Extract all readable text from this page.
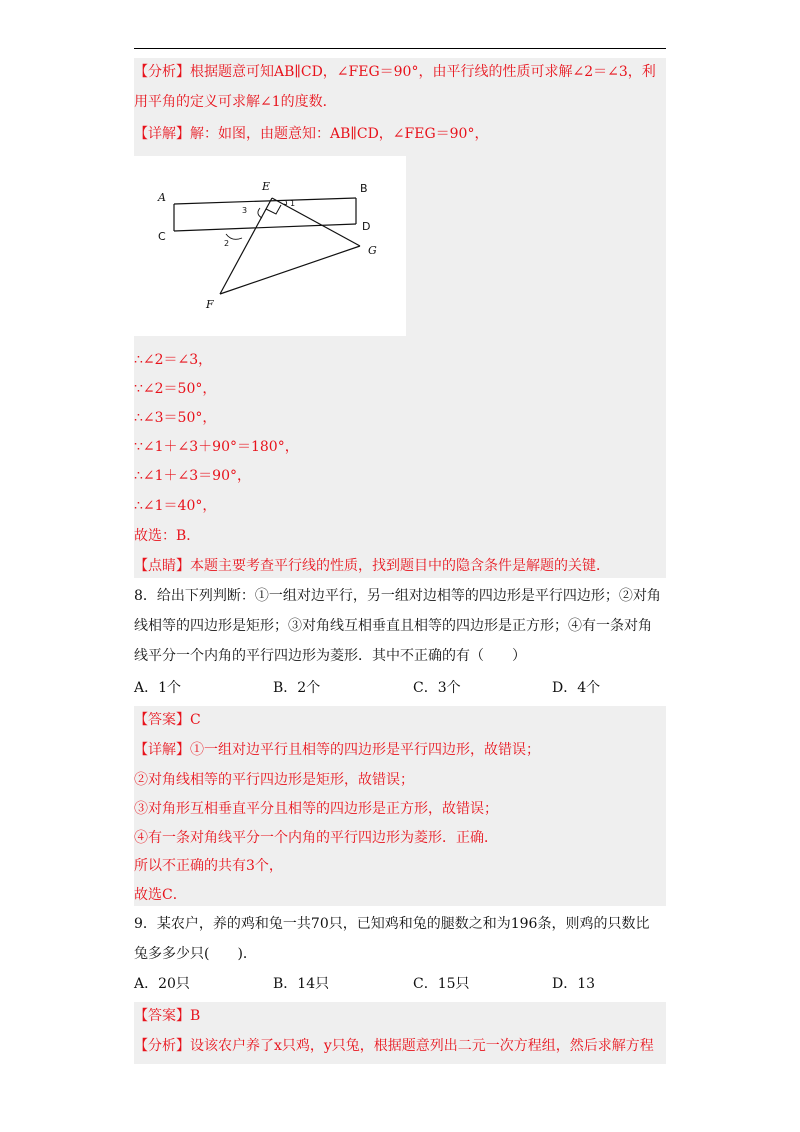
【分析】根据题意可知AB∥CD，∠FEG＝90°，由平行线的性质可求解∠2＝∠3，利
用平角的定义可求解∠1的度数．
【详解】解：如图，由题意知：AB∥CD，∠FEG＝90°，
A
B
C
D
E
F
G
1
2
3
∴∠2＝∠3，
∵∠2＝50°，
∴∠3＝50°，
∵∠1＋∠3＋90°＝180°，
∴∠1＋∠3＝90°，
∴∠1＝40°，
故选：B．
【点睛】本题主要考查平行线的性质，找到题目中的隐含条件是解题的关键．
8．给出下列判断：①一组对边平行，另一组对边相等的四边形是平行四边形；②对角
线相等的四边形是矩形；③对角线互相垂直且相等的四边形是正方形；④有一条对角
线平分一个内角的平行四边形为菱形．其中不正确的有（　　）
A．1个	B．2个	C．3个	D．4个
【答案】C
【详解】①一组对边平行且相等的四边形是平行四边形，故错误；
②对角线相等的平行四边形是矩形，故错误；
③对角形互相垂直平分且相等的四边形是正方形，故错误；
④有一条对角线平分一个内角的平行四边形为菱形．正确．
所以不正确的共有3个，
故选C．
9．某农户，养的鸡和兔一共70只，已知鸡和兔的腿数之和为196条，则鸡的只数比
兔多多少只(　　)．
A．20只	B．14只	C．15只	D．13
【答案】B
【分析】设该农户养了x只鸡，y只兔，根据题意列出二元一次方程组，然后求解方程
